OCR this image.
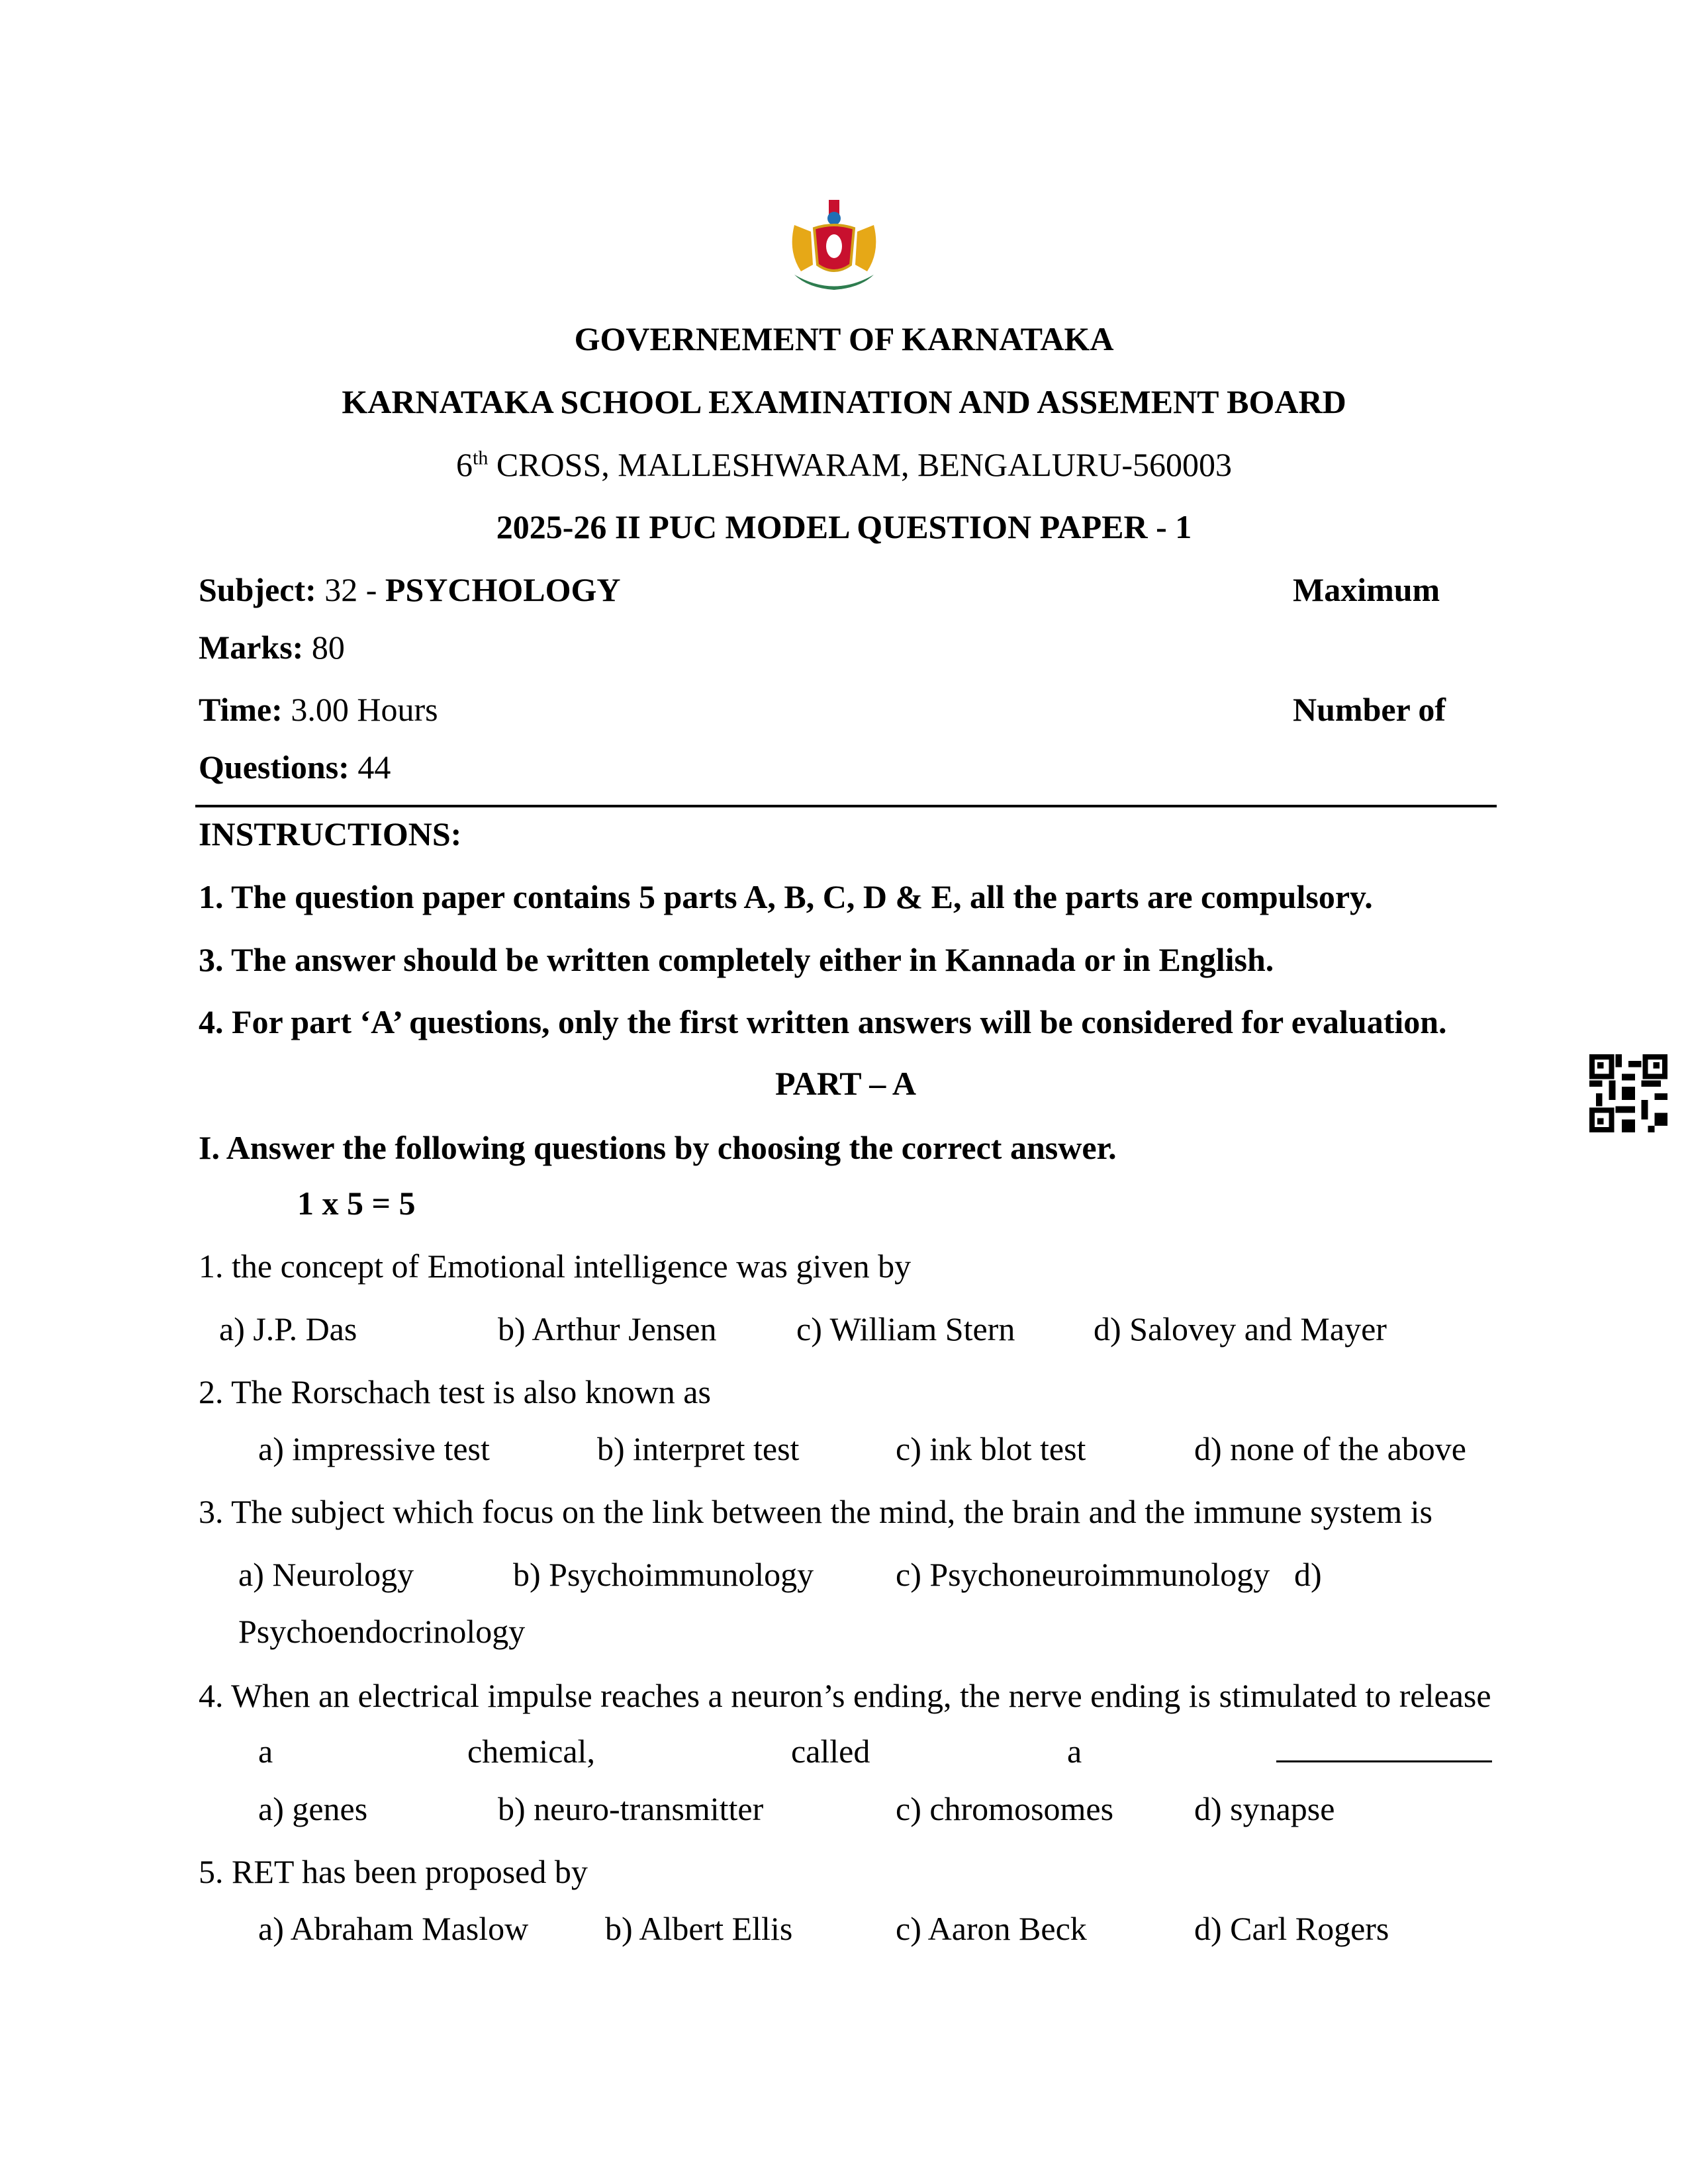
GOVERNEMENT OF KARNATAKA
KARNATAKA SCHOOL EXAMINATION AND ASSEMENT BOARD
6th CROSS, MALLESHWARAM, BENGALURU-560003
2025-26 II PUC MODEL QUESTION PAPER - 1
Subject: 32 - PSYCHOLOGY	Maximum
Marks: 80
Time: 3.00 Hours	Number of
Questions: 44
INSTRUCTIONS:
1. The question paper contains 5 parts A, B, C, D & E, all the parts are compulsory.
3. The answer should be written completely either in Kannada or in English.
4. For part ‘A’ questions, only the first written answers will be considered for evaluation.
PART – A
I. Answer the following questions by choosing the correct answer.
1 x 5 = 5
1. the concept of Emotional intelligence was given by
a) J.P. Das	b) Arthur Jensen c) William Stern d) Salovey and Mayer
2. The Rorschach test is also known as
a) impressive test	b) interpret test	c) ink blot test	d) none of the above
3. The subject which focus on the link between the mind, the brain and the immune system is
a) Neurology	b) Psychoimmunology c) Psychoneuroimmunology d)
Psychoendocrinology
4. When an electrical impulse reaches a neuron’s ending, the nerve ending is stimulated to release
a	chemical,	called	a
a) genes	b) neuro-transmitter	c) chromosomes d) synapse
5. RET has been proposed by
a) Abraham Maslow b) Albert Ellis	c) Aaron Beck	d) Carl Rogers
